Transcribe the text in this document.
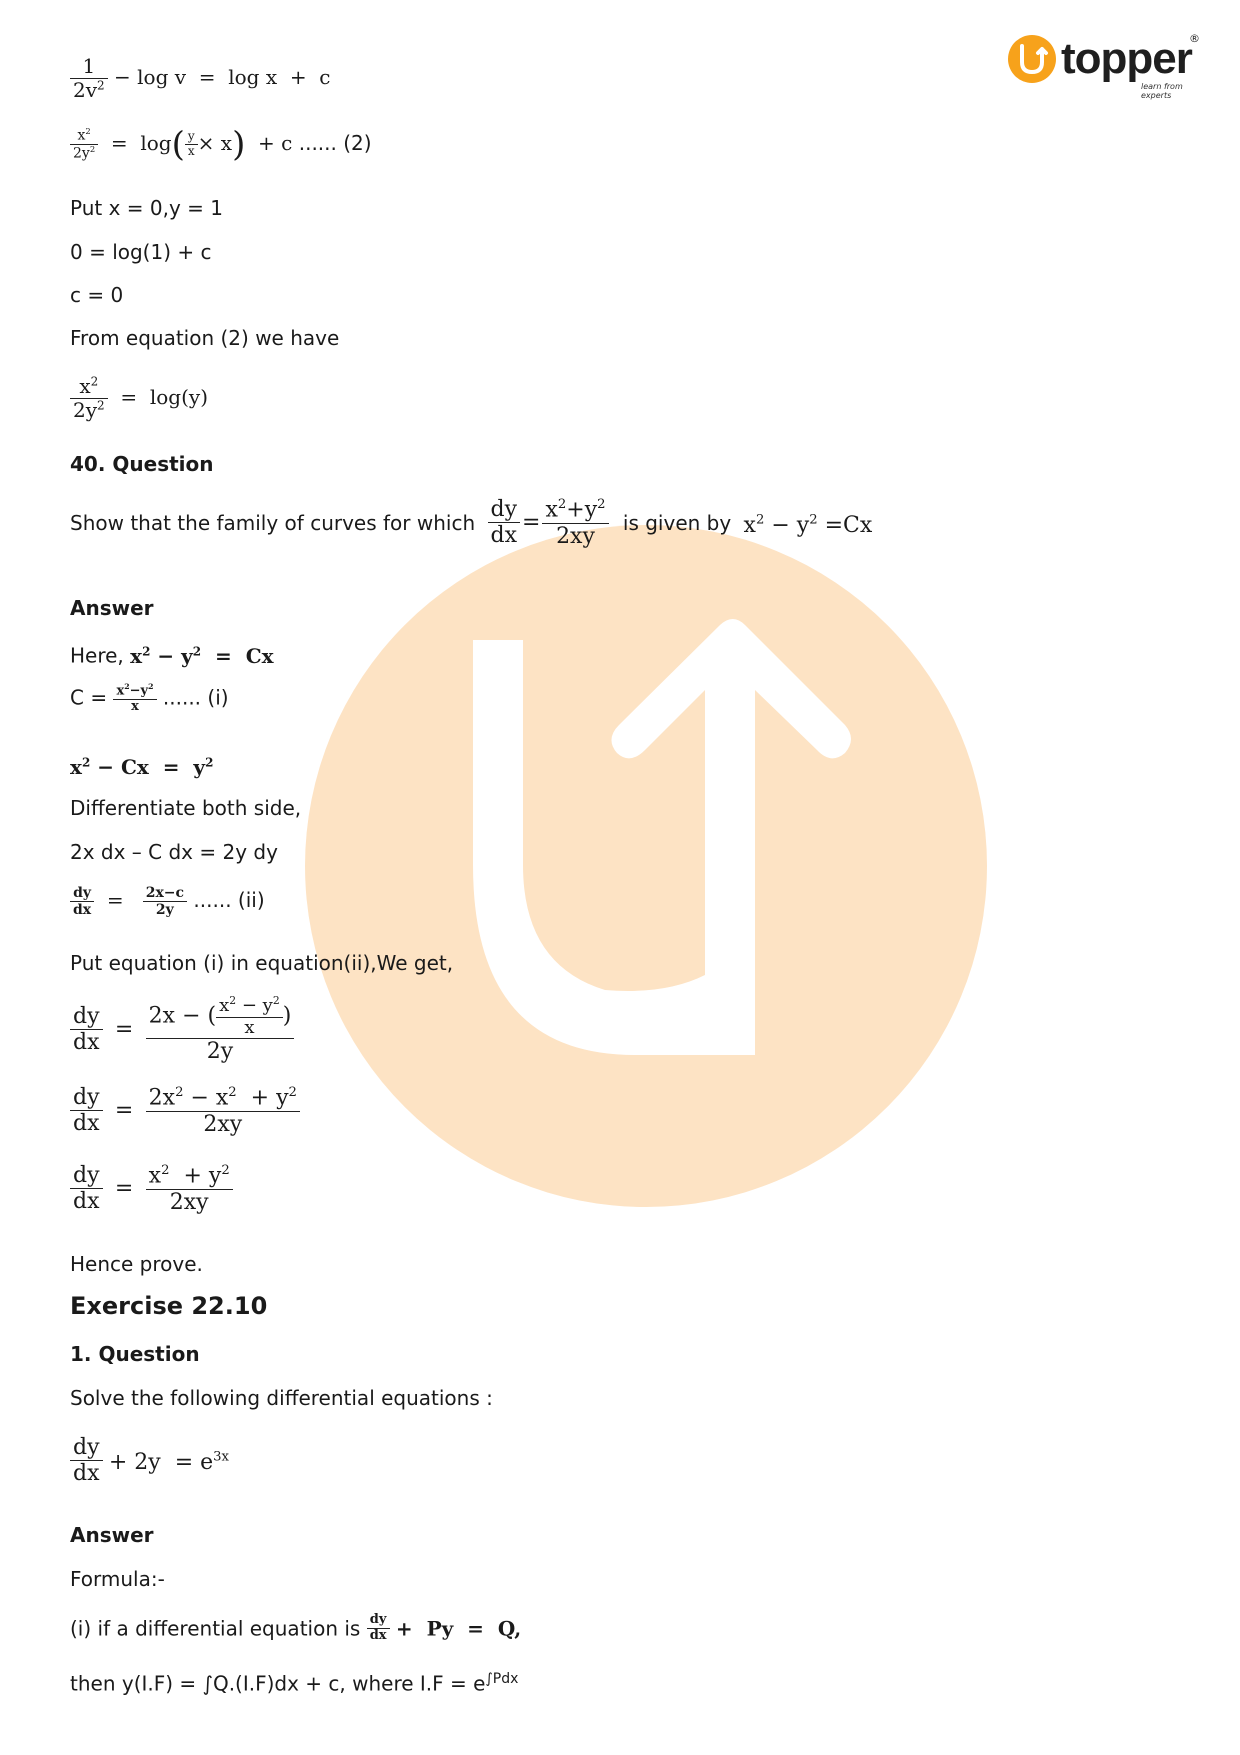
topper
®
learn from experts
$\frac{1}{2v^2} - \log v = \log x + c$
$\frac{x^2}{2y^2} = \log( \frac{y}{x} \times x) + c$ ...... (2)
Put x = 0,y = 1
0 = log(1) + c
c = 0
From equation (2) we have
$\frac{x^2}{2y^2} = \log(y)$
40. Question
Show that the family of curves for which $\frac{dy}{dx} = \frac{x^2+y^2}{2xy}$ is given by $x^2 - y^2 =Cx$
Answer
Here, $x^2 - y^2 = Cx$
$C = \frac{x^2-y^2}{x}$ ...... (i)
$x^2 - Cx = y^2$
Differentiate both side,
2x dx – C dx = 2y dy
$\frac{dy}{dx} = \frac{2x-c}{2y}$ ...... (ii)
Put equation (i) in equation(ii),We get,
$\frac{dy}{dx} = \frac{2x - ( \frac{x^2 - y^2}{x} )}{2y}$
$\frac{dy}{dx} = \frac{2x^2 - x^2 + y^2}{2xy}$
$\frac{dy}{dx} = \frac{x^2 + y^2}{2xy}$
Hence prove.
Exercise 22.10
1. Question
Solve the following differential equations :
$\frac{dy}{dx} + 2y = e^{3x}$
Answer
Formula:-
(i) if a differential equation is $\frac{dy}{dx} + Py = Q$,
then y(I.F) = ∫Q.(I.F)dx + c, where $I.F = e^{\int Pdx}$
